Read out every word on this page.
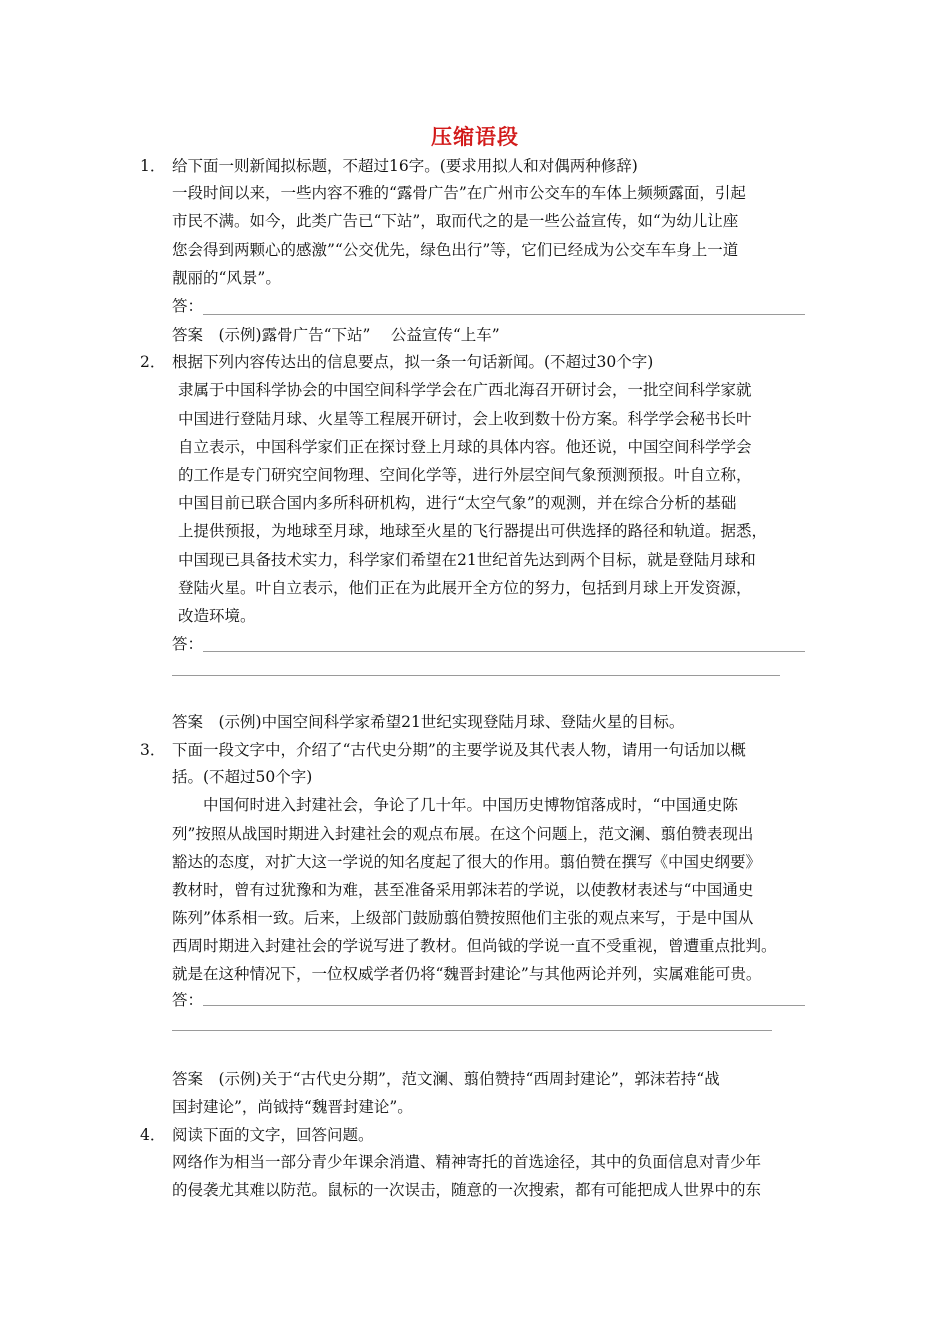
压缩语段
1． 给下面一则新闻拟标题，不超过16字。(要求用拟人和对偶两种修辞)
一段时间以来，一些内容不雅的“露骨广告”在广州市公交车的车体上频频露面，引起
市民不满。如今，此类广告已“下站”，取而代之的是一些公益宣传，如“为幼儿让座
您会得到两颗心的感激”“公交优先，绿色出行”等，它们已经成为公交车车身上一道
靓丽的“风景”。
答：
答案　(示例)露骨广告“下站”　 公益宣传“上车”
2． 根据下列内容传达出的信息要点，拟一条一句话新闻。(不超过30个字)
隶属于中国科学协会的中国空间科学学会在广西北海召开研讨会，一批空间科学家就
中国进行登陆月球、火星等工程展开研讨，会上收到数十份方案。科学学会秘书长叶
自立表示，中国科学家们正在探讨登上月球的具体内容。他还说，中国空间科学学会
的工作是专门研究空间物理、空间化学等，进行外层空间气象预测预报。叶自立称，
中国目前已联合国内多所科研机构，进行“太空气象”的观测，并在综合分析的基础
上提供预报，为地球至月球，地球至火星的飞行器提出可供选择的路径和轨道。据悉，
中国现已具备技术实力，科学家们希望在21世纪首先达到两个目标，就是登陆月球和
登陆火星。叶自立表示，他们正在为此展开全方位的努力，包括到月球上开发资源，
改造环境。
答：
答案　(示例)中国空间科学家希望21世纪实现登陆月球、登陆火星的目标。
3． 下面一段文字中，介绍了“古代史分期”的主要学说及其代表人物，请用一句话加以概
括。(不超过50个字)
中国何时进入封建社会，争论了几十年。中国历史博物馆落成时，“中国通史陈
列”按照从战国时期进入封建社会的观点布展。在这个问题上，范文澜、翦伯赞表现出
豁达的态度，对扩大这一学说的知名度起了很大的作用。翦伯赞在撰写《中国史纲要》
教材时，曾有过犹豫和为难，甚至准备采用郭沫若的学说，以使教材表述与“中国通史
陈列”体系相一致。后来，上级部门鼓励翦伯赞按照他们主张的观点来写，于是中国从
西周时期进入封建社会的学说写进了教材。但尚钺的学说一直不受重视，曾遭重点批判。
就是在这种情况下，一位权威学者仍将“魏晋封建论”与其他两论并列，实属难能可贵。
答：
答案　(示例)关于“古代史分期”，范文澜、翦伯赞持“西周封建论”，郭沫若持“战
国封建论”，尚钺持“魏晋封建论”。
4． 阅读下面的文字，回答问题。
网络作为相当一部分青少年课余消遣、精神寄托的首选途径，其中的负面信息对青少年
的侵袭尤其难以防范。鼠标的一次误击，随意的一次搜索，都有可能把成人世界中的东
